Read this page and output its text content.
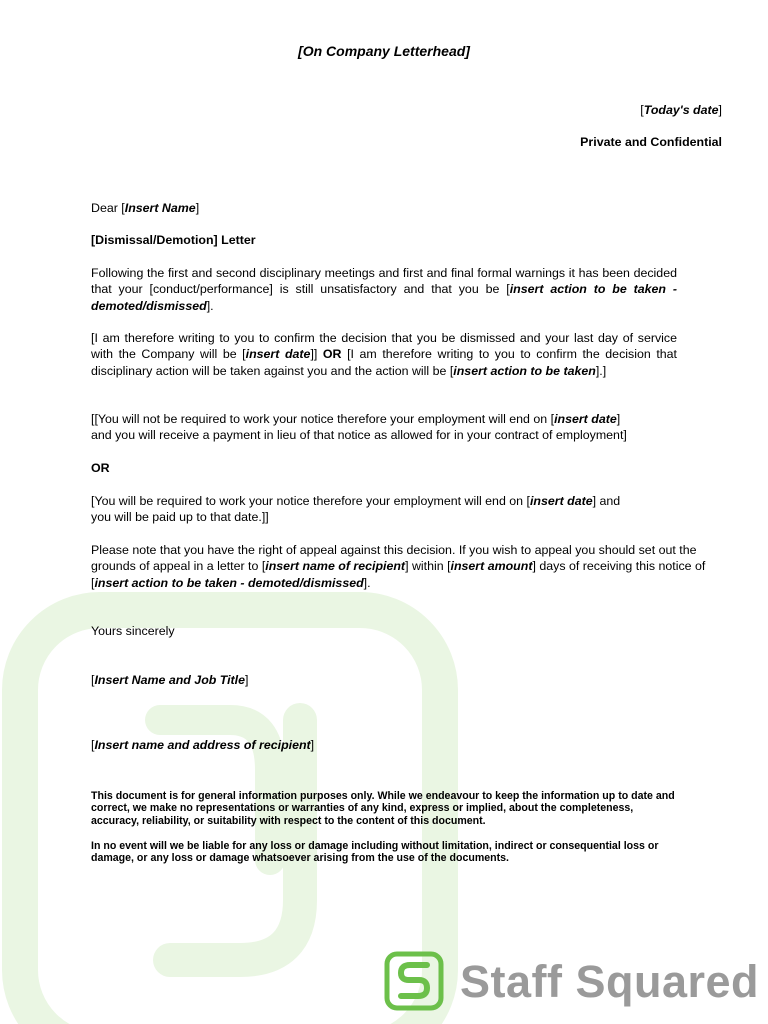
[On Company Letterhead]
[Today's date]
Private and Confidential
Dear [Insert Name]
[Dismissal/Demotion] Letter
Following the first and second disciplinary meetings and first and final formal warnings it has been decided that your [conduct/performance] is still unsatisfactory and that you be [insert action to be taken - demoted/dismissed].
[I am therefore writing to you to confirm the decision that you be dismissed and your last day of service with the Company will be [insert date]] OR [I am therefore writing to you to confirm the decision that disciplinary action will be taken against you and the action will be [insert action to be taken].]
[[You will not be required to work your notice therefore your employment will end on [insert date]
and you will receive a payment in lieu of that notice as allowed for in your contract of employment]
OR
[You will be required to work your notice therefore your employment will end on [insert date] and
you will be paid up to that date.]]
Please note that you have the right of appeal against this decision. If you wish to appeal you should set out the grounds of appeal in a letter to [insert name of recipient] within [insert amount] days of receiving this notice of [insert action to be taken - demoted/dismissed].
Yours sincerely
[Insert Name and Job Title]
[Insert name and address of recipient]
This document is for general information purposes only. While we endeavour to keep the information up to date and correct, we make no representations or warranties of any kind, express or implied, about the completeness, accuracy, reliability, or suitability with respect to the content of this document.
In no event will we be liable for any loss or damage including without limitation, indirect or consequential loss or damage, or any loss or damage whatsoever arising from the use of the documents.
Staff Squared
